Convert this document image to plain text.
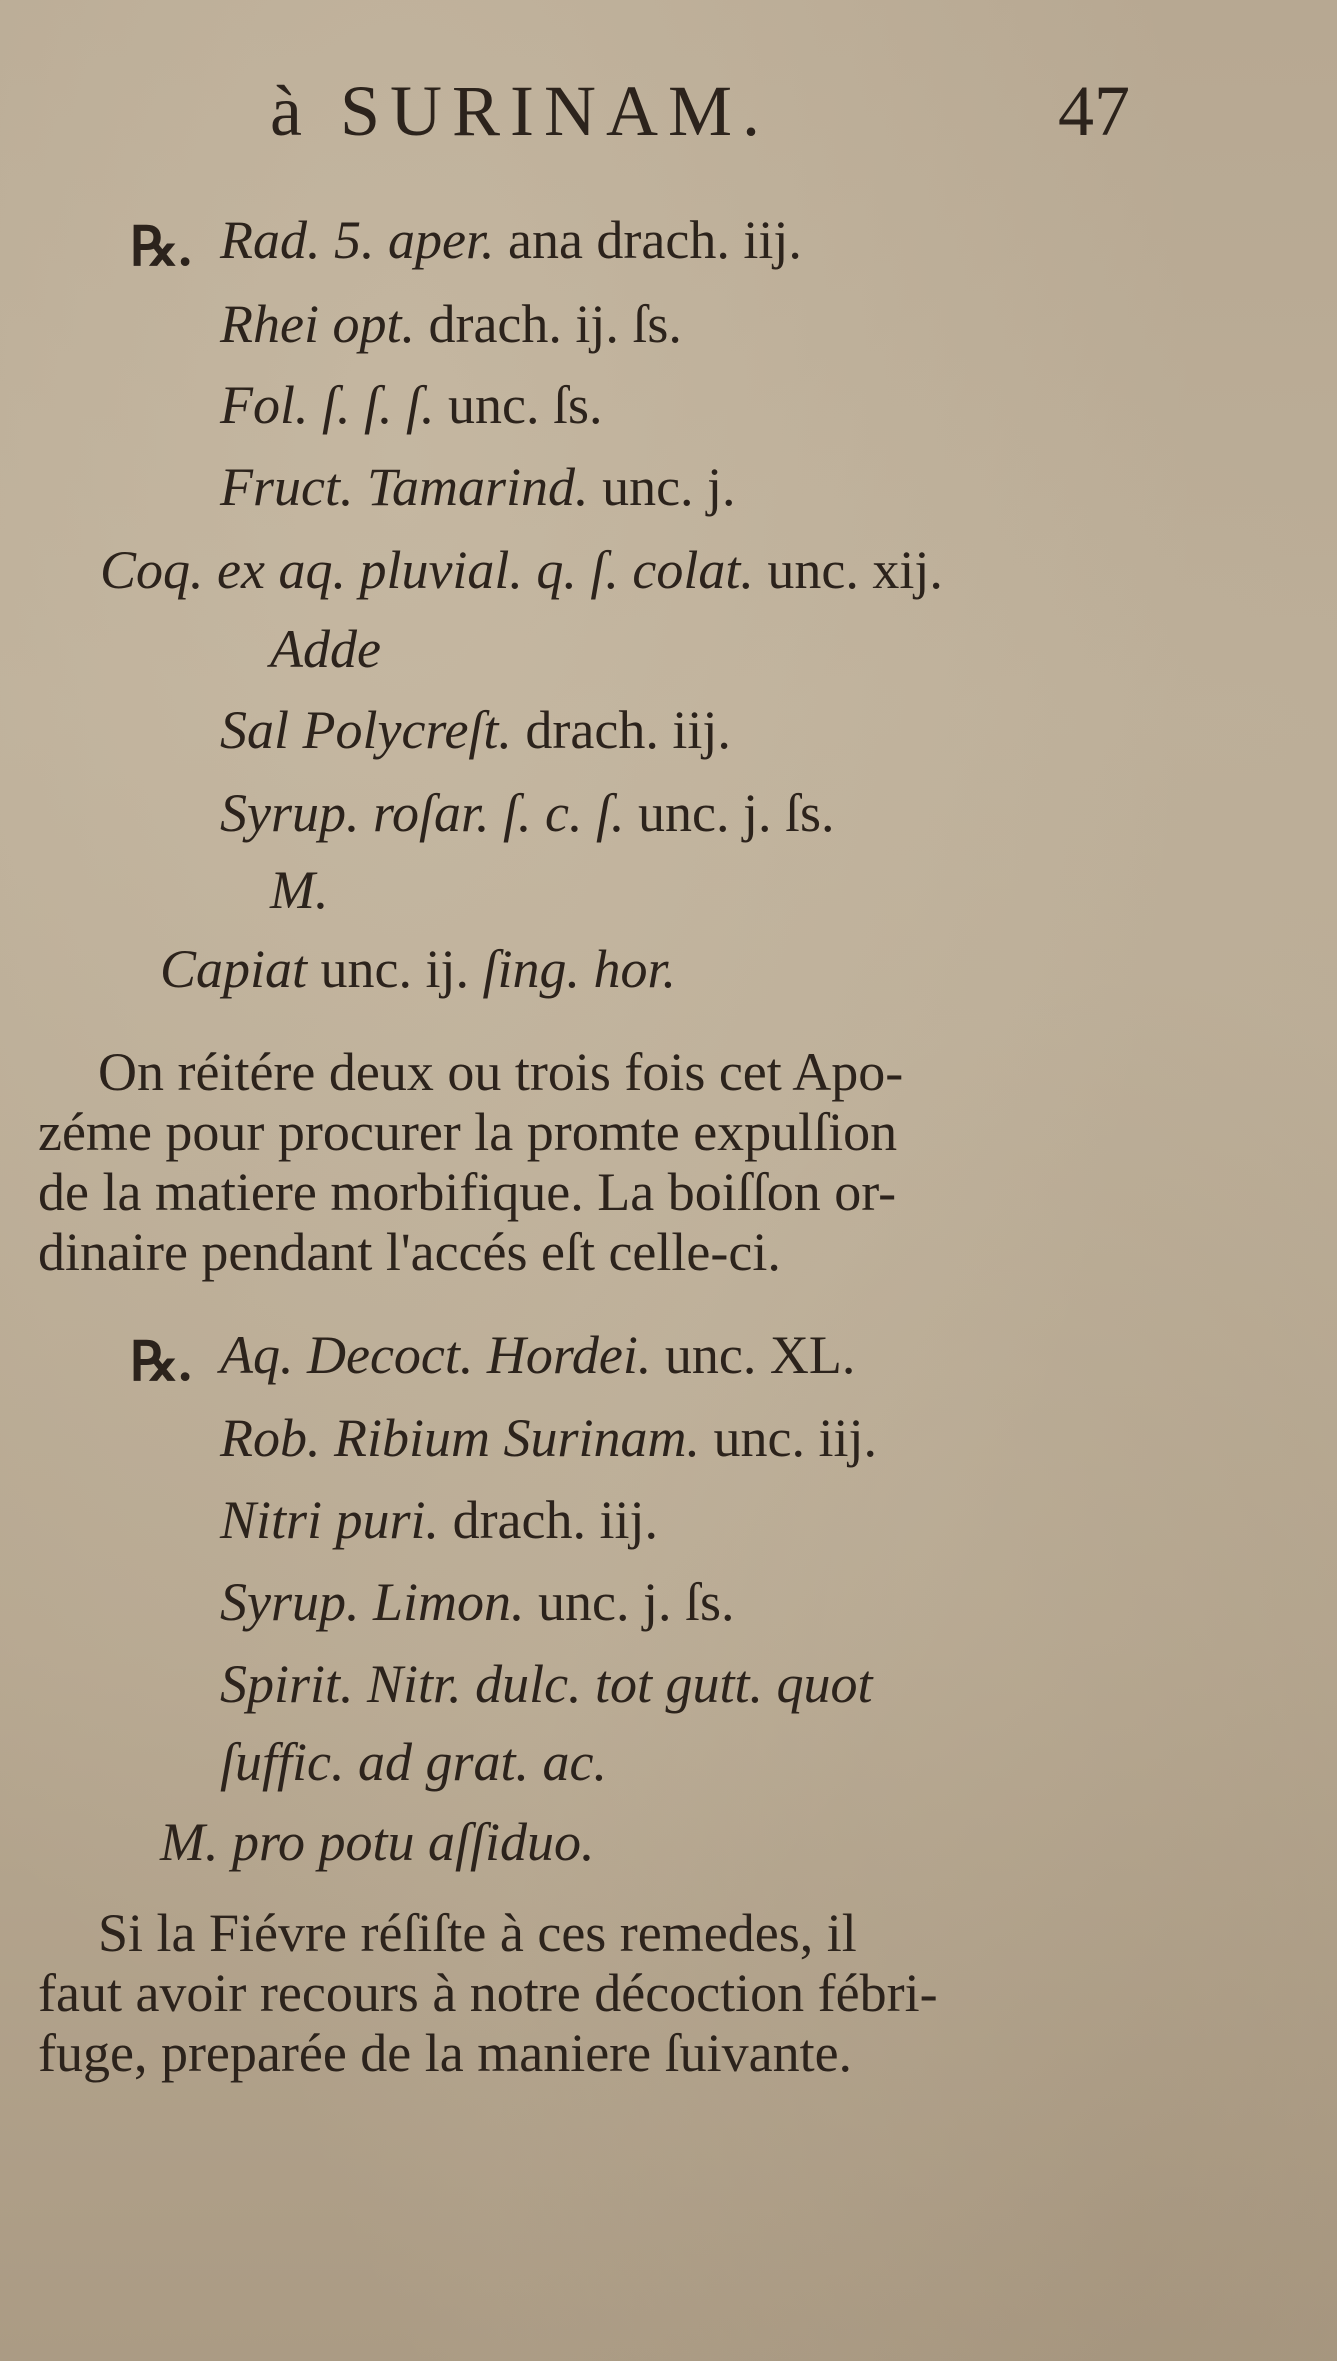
à SURINAM.	47
℞. Rad. 5. aper. ana drach. iij.
Rhei opt. drach. ij. ſs.
Fol. ſ. ſ. ſ. unc. ſs.
Fruct. Tamarind. unc. j.
Coq. ex aq. pluvial. q. ſ. colat. unc. xij.
Adde
Sal Polycreſt. drach. iij.
Syrup. roſar. ſ. c. ſ. unc. j. ſs.
M.
Capiat unc. ij. ſing. hor.
On réitére deux ou trois fois cet Apo-
zéme pour procurer la promte expulſion
de la matiere morbifique. La boiſſon or-
dinaire pendant l'accés eſt celle-ci.
℞. Aq. Decoct. Hordei. unc. XL.
Rob. Ribium Surinam. unc. iij.
Nitri puri. drach. iij.
Syrup. Limon. unc. j. ſs.
Spirit. Nitr. dulc. tot gutt. quot
ſuffic. ad grat. ac.
M. pro potu aſſiduo.
Si la Fiévre réſiſte à ces remedes, il
faut avoir recours à notre décoction fébri-
fuge, preparée de la maniere ſuivante.
